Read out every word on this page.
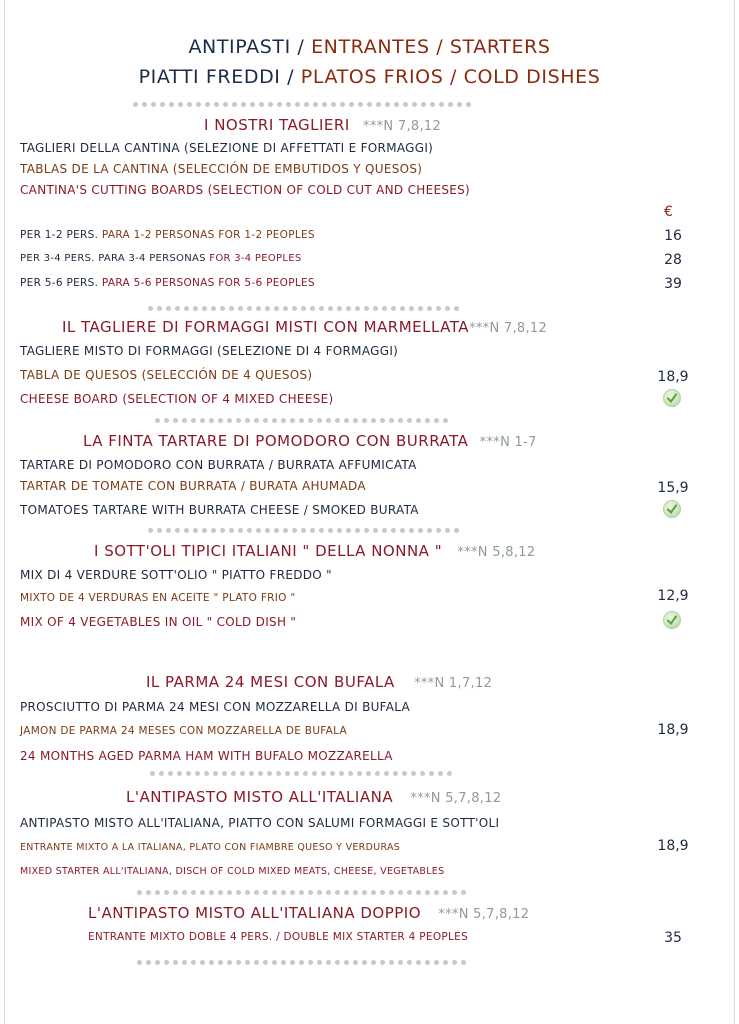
ANTIPASTI / ENTRANTES / STARTERS
PIATTI FREDDI / PLATOS FRIOS / COLD DISHES
I NOSTRI TAGLIERI ***N 7,8,12
TAGLIERI DELLA CANTINA (SELEZIONE DI AFFETTATI E FORMAGGI)
TABLAS DE LA CANTINA (SELECCIÓN DE EMBUTIDOS Y QUESOS)
CANTINA'S CUTTING BOARDS (SELECTION OF COLD CUT AND CHEESES)
€
PER 1-2 PERS. PARA 1-2 PERSONAS FOR 1-2 PEOPLES	16
PER 3-4 PERS. PARA 3-4 PERSONAS FOR 3-4 PEOPLES	28
PER 5-6 PERS. PARA 5-6 PERSONAS FOR 5-6 PEOPLES	39
IL TAGLIERE DI FORMAGGI MISTI CON MARMELLATA***N 7,8,12
TAGLIERE MISTO DI FORMAGGI (SELEZIONE DI 4 FORMAGGI)
TABLA DE QUESOS (SELECCIÓN DE 4 QUESOS)
CHEESE BOARD (SELECTION OF 4 MIXED CHEESE)
18,9
LA FINTA TARTARE DI POMODORO CON BURRATA ***N 1-7
TARTARE DI POMODORO CON BURRATA / BURRATA AFFUMICATA
TARTAR DE TOMATE CON BURRATA / BURATA AHUMADA
TOMATOES TARTARE WITH BURRATA CHEESE / SMOKED BURATA
15,9
I SOTT'OLI TIPICI ITALIANI " DELLA NONNA " ***N 5,8,12
MIX DI 4 VERDURE SOTT'OLIO " PIATTO FREDDO "
MIXTO DE 4 VERDURAS EN ACEITE " PLATO FRIO "
MIX OF 4 VEGETABLES IN OIL " COLD DISH "
12,9
IL PARMA 24 MESI CON BUFALA ***N 1,7,12
PROSCIUTTO DI PARMA 24 MESI CON MOZZARELLA DI BUFALA
JAMON DE PARMA 24 MESES CON MOZZARELLA DE BUFALA
24 MONTHS AGED PARMA HAM WITH BUFALO MOZZARELLA
18,9
L'ANTIPASTO MISTO ALL'ITALIANA ***N 5,7,8,12
ANTIPASTO MISTO ALL'ITALIANA, PIATTO CON SALUMI FORMAGGI E SOTT'OLI
ENTRANTE MIXTO A LA ITALIANA, PLATO CON FIAMBRE QUESO Y VERDURAS
MIXED STARTER ALL'ITALIANA, DISCH OF COLD MIXED MEATS, CHEESE, VEGETABLES
18,9
L'ANTIPASTO MISTO ALL'ITALIANA DOPPIO ***N 5,7,8,12
ENTRANTE MIXTO DOBLE 4 PERS. / DOUBLE MIX STARTER 4 PEOPLES	35
